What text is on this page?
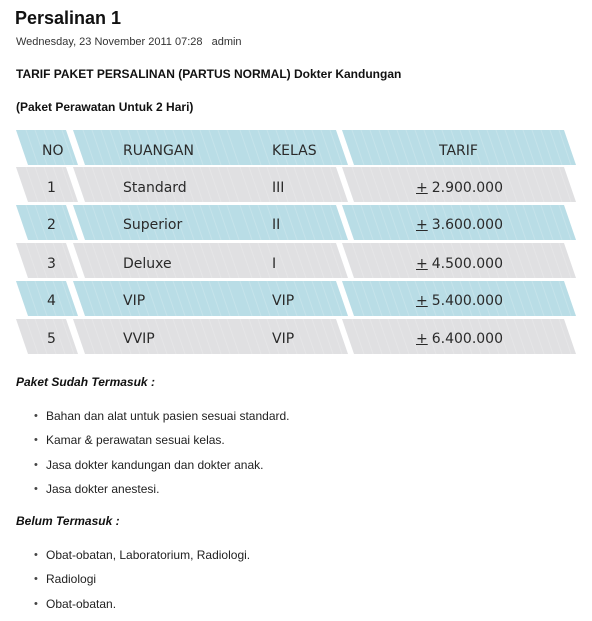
Persalinan 1
Wednesday, 23 November 2011 07:28 admin
TARIF PAKET PERSALINAN (PARTUS NORMAL) Dokter Kandungan
(Paket Perawatan Untuk 2 Hari)
NO	RUANGAN	KELAS	TARIF
1	Standard	III	+ 2.900.000
2	Superior	II	+ 3.600.000
3	Deluxe	I	+ 4.500.000
4	VIP	VIP	+ 5.400.000
5	VVIP	VIP	+ 6.400.000
Paket Sudah Termasuk :
• Bahan dan alat untuk pasien sesuai standard.
• Kamar & perawatan sesuai kelas.
• Jasa dokter kandungan dan dokter anak.
• Jasa dokter anestesi.
Belum Termasuk :
• Obat-obatan, Laboratorium, Radiologi.
• Radiologi
• Obat-obatan.
